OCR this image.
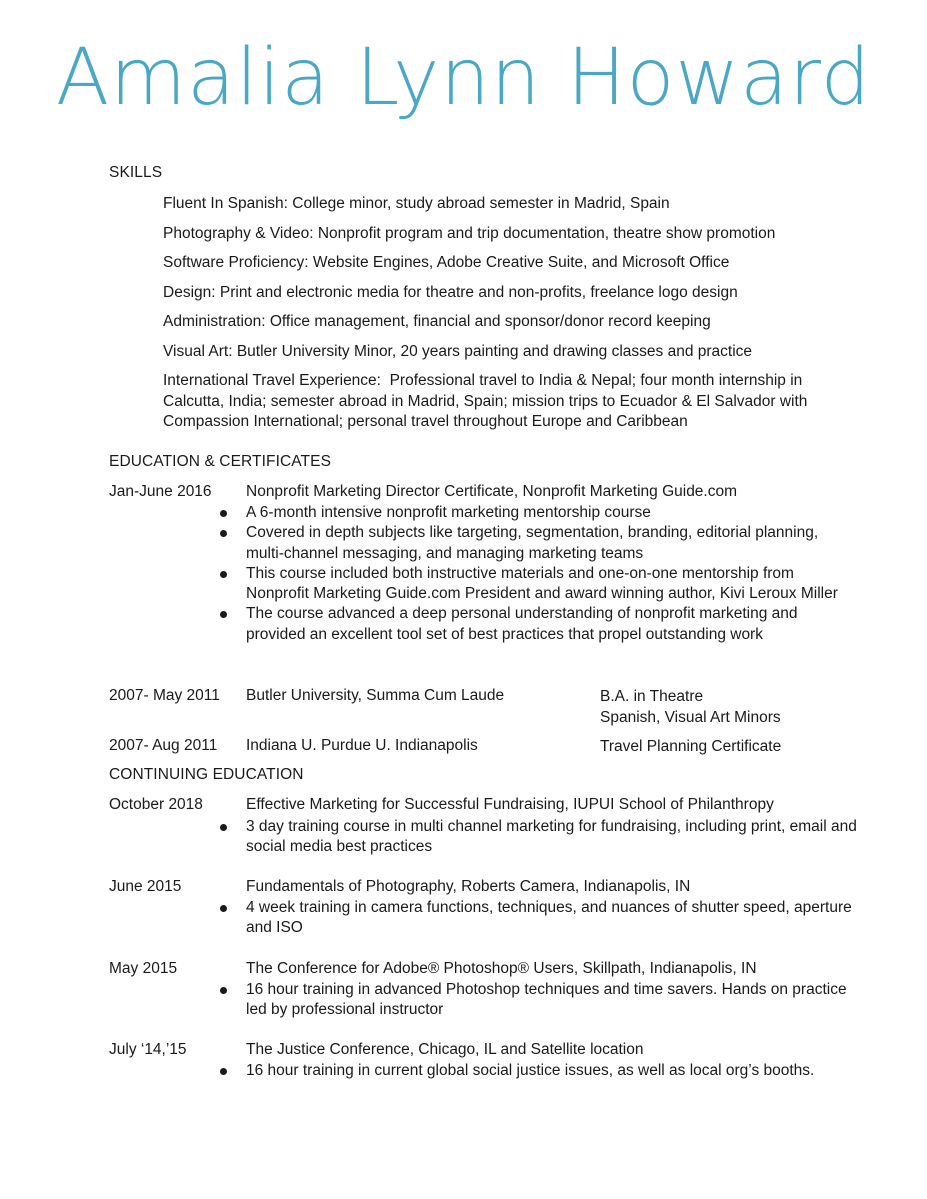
Amalia Lynn Howard
SKILLS
Fluent In Spanish: College minor, study abroad semester in Madrid, Spain
Photography & Video: Nonprofit program and trip documentation, theatre show promotion
Software Proficiency: Website Engines, Adobe Creative Suite, and Microsoft Office
Design: Print and electronic media for theatre and non-profits, freelance logo design
Administration: Office management, financial and sponsor/donor record keeping
Visual Art: Butler University Minor, 20 years painting and drawing classes and practice
International Travel Experience:  Professional travel to India & Nepal; four month internship in Calcutta, India; semester abroad in Madrid, Spain; mission trips to Ecuador & El Salvador with Compassion International; personal travel throughout Europe and Caribbean
EDUCATION & CERTIFICATES
Jan-June 2016 Nonprofit Marketing Director Certificate, Nonprofit Marketing Guide.com
A 6-month intensive nonprofit marketing mentorship course
Covered in depth subjects like targeting, segmentation, branding, editorial planning, multi-channel messaging, and managing marketing teams
This course included both instructive materials and one-on-one mentorship from Nonprofit Marketing Guide.com President and award winning author, Kivi Leroux Miller
The course advanced a deep personal understanding of nonprofit marketing and provided an excellent tool set of best practices that propel outstanding work
2007- May 2011 Butler University, Summa Cum Laude	B.A. in Theatre
Spanish, Visual Art Minors
2007- Aug 2011 Indiana U. Purdue U. Indianapolis	Travel Planning Certificate
CONTINUING EDUCATION
October 2018	Effective Marketing for Successful Fundraising, IUPUI School of Philanthropy
3 day training course in multi channel marketing for fundraising, including print, email and social media best practices
June 2015	Fundamentals of Photography, Roberts Camera, Indianapolis, IN
4 week training in camera functions, techniques, and nuances of shutter speed, aperture and ISO
May 2015	The Conference for Adobe® Photoshop® Users, Skillpath, Indianapolis, IN
16 hour training in advanced Photoshop techniques and time savers. Hands on practice led by professional instructor
July ‘14,’15	The Justice Conference, Chicago, IL and Satellite location
16 hour training in current global social justice issues, as well as local org’s booths.
